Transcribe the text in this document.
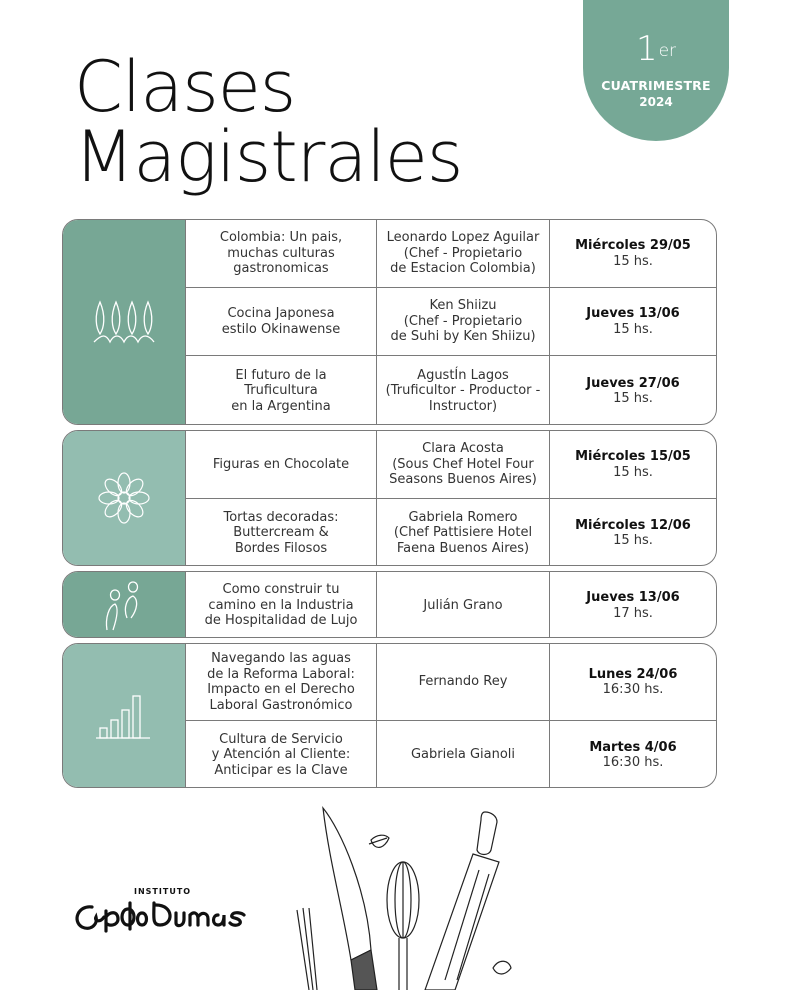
Clases
Magistrales
1er
CUATRIMESTRE
2024
Colombia: Un pais,
muchas culturas
gastronomicas
Leonardo Lopez Aguilar
(Chef - Propietario
de Estacion Colombia)
Miércoles 29/05
15 hs.
Cocina Japonesa
estilo Okinawense
Ken Shiizu
(Chef - Propietario
de Suhi by Ken Shiizu)
Jueves 13/06
15 hs.
El futuro de la
Truficultura
en la Argentina
AgustÍn Lagos
(Truficultor - Productor -
Instructor)
Jueves 27/06
15 hs.
Figuras en Chocolate
Clara Acosta
(Sous Chef Hotel Four
Seasons Buenos Aires)
Miércoles 15/05
15 hs.
Tortas decoradas:
Buttercream &
Bordes Filosos
Gabriela Romero
(Chef Pattisiere Hotel
Faena Buenos Aires)
Miércoles 12/06
15 hs.
Como construir tu
camino en la Industria
de Hospitalidad de Lujo
Julián Grano
Jueves 13/06
17 hs.
Navegando las aguas
de la Reforma Laboral:
Impacto en el Derecho
Laboral Gastronómico
Fernando Rey
Lunes 24/06
16:30 hs.
Cultura de Servicio
y Atención al Cliente:
Anticipar es la Clave
Gabriela Gianoli
Martes 4/06
16:30 hs.
INSTITUTO
